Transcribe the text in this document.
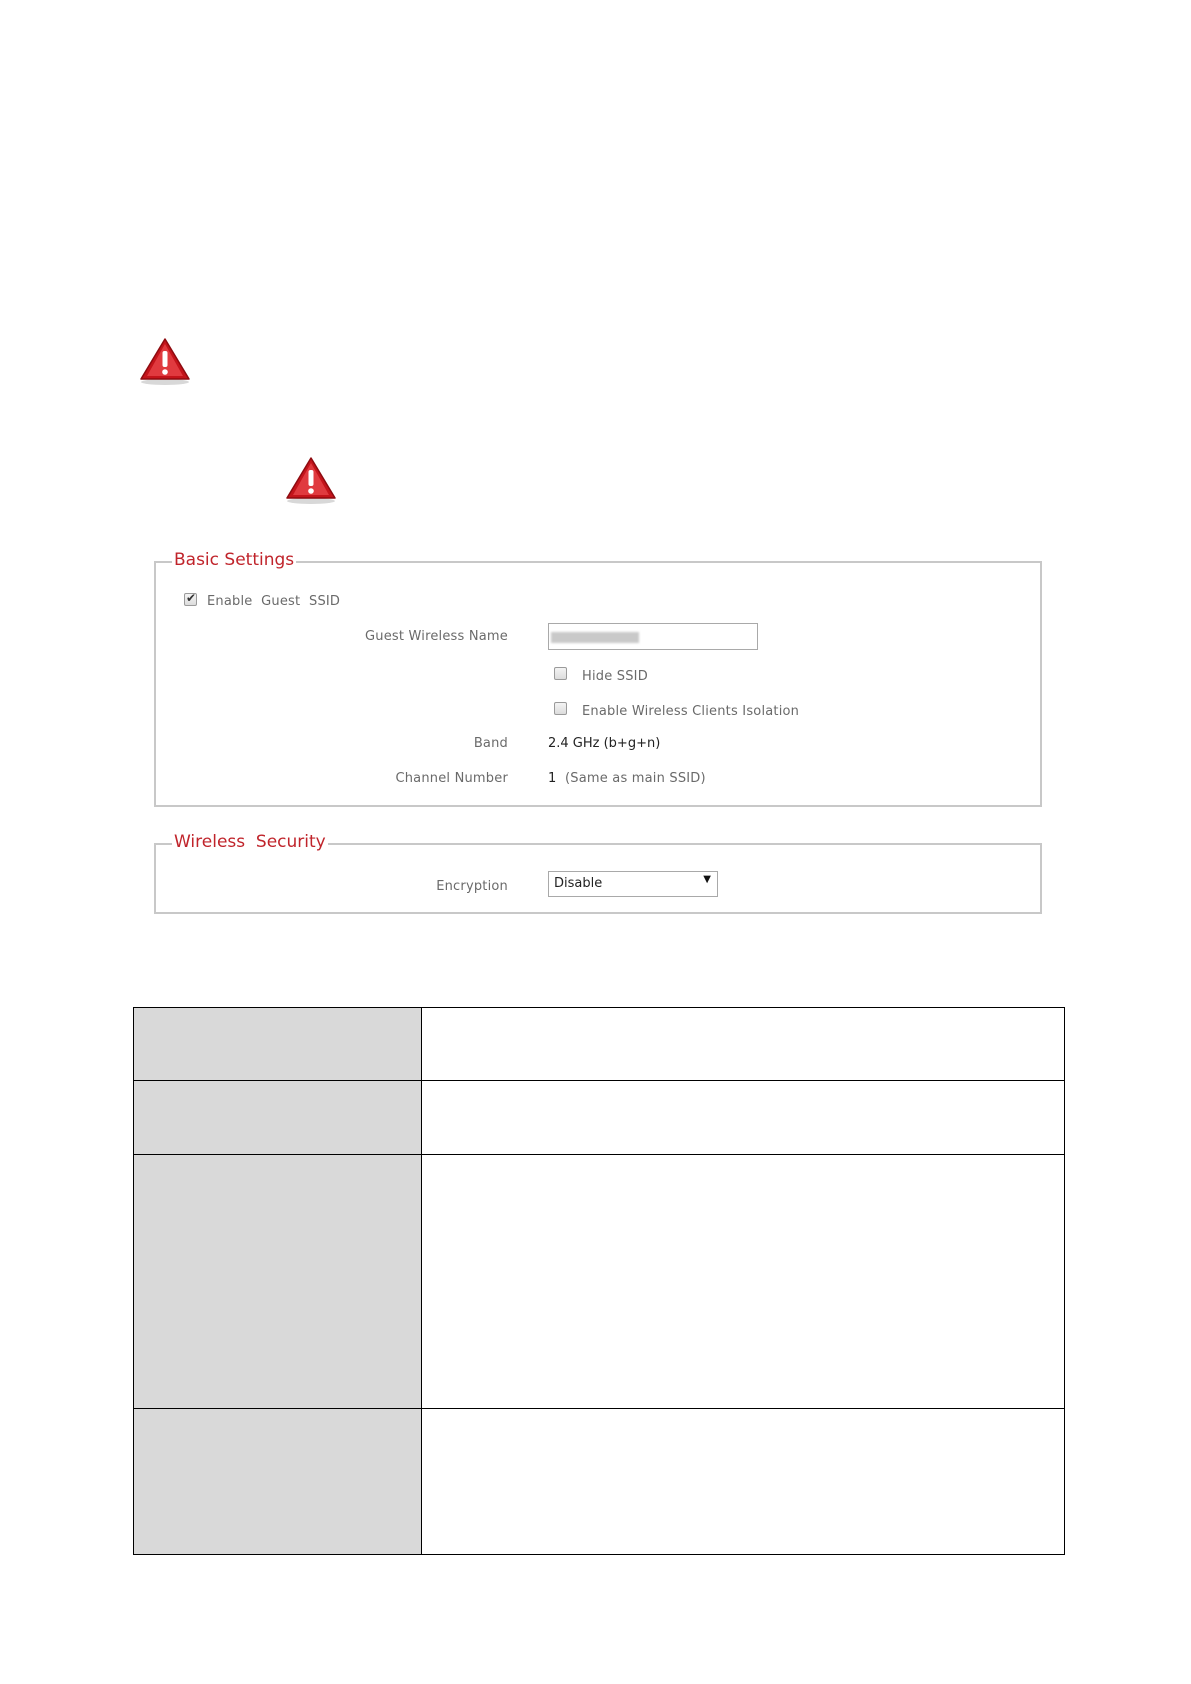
Basic Settings
✔
Enable  Guest  SSID
Guest Wireless Name
Hide SSID
Enable Wireless Clients Isolation
Band	2.4 GHz (b+g+n)
Channel Number	1 (Same as main SSID)
Wireless  Security
Encryption	Disable	▼
